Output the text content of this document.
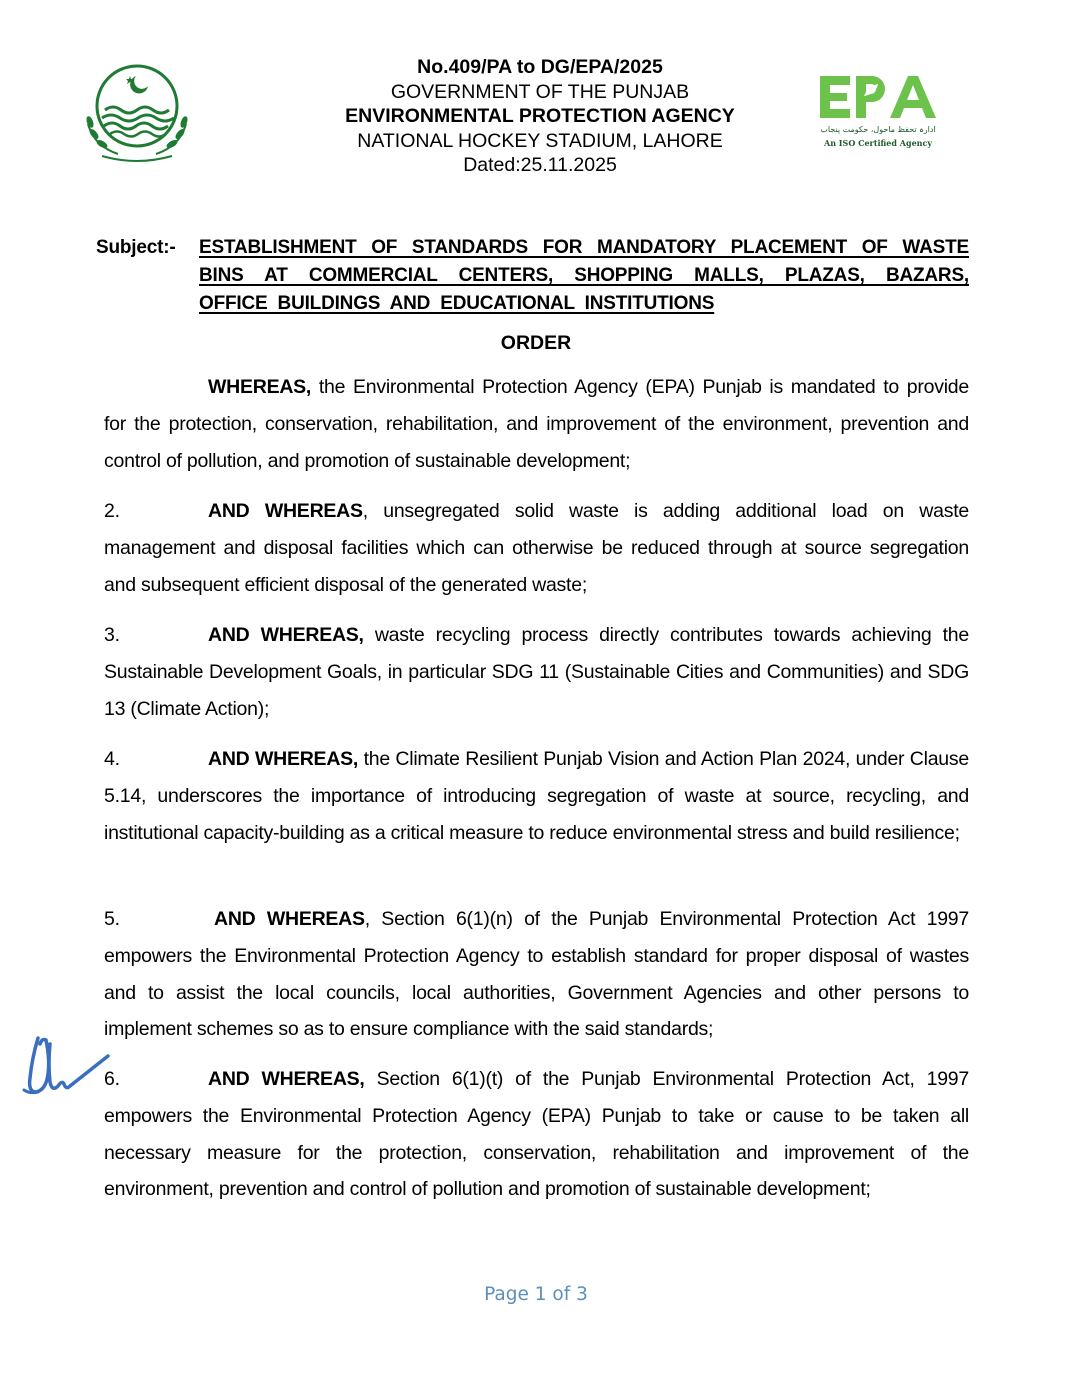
No.409/PA to DG/EPA/2025
GOVERNMENT OF THE PUNJAB
ENVIRONMENTAL PROTECTION AGENCY
NATIONAL HOCKEY STADIUM, LAHORE
Dated:25.11.2025
ادارہ تحفظ ماحول، حکومت پنجاب
An ISO Certified Agency
Subject:- ESTABLISHMENT OF STANDARDS FOR MANDATORY PLACEMENT OF WASTE BINS AT COMMERCIAL CENTERS, SHOPPING MALLS, PLAZAS, BAZARS, OFFICE BUILDINGS AND EDUCATIONAL INSTITUTIONS
ORDER
WHEREAS, the Environmental Protection Agency (EPA) Punjab is mandated to provide for the protection, conservation, rehabilitation, and improvement of the environment, prevention and control of pollution, and promotion of sustainable development;
2.	AND WHEREAS, unsegregated solid waste is adding additional load on waste management and disposal facilities which can otherwise be reduced through at source segregation and subsequent efficient disposal of the generated waste;
3.	AND WHEREAS, waste recycling process directly contributes towards achieving the Sustainable Development Goals, in particular SDG 11 (Sustainable Cities and Communities) and SDG 13 (Climate Action);
4.	AND WHEREAS, the Climate Resilient Punjab Vision and Action Plan 2024, under Clause 5.14, underscores the importance of introducing segregation of waste at source, recycling, and institutional capacity-building as a critical measure to reduce environmental stress and build resilience;
5.	AND WHEREAS, Section 6(1)(n) of the Punjab Environmental Protection Act 1997 empowers the Environmental Protection Agency to establish standard for proper disposal of wastes and to assist the local councils, local authorities, Government Agencies and other persons to implement schemes so as to ensure compliance with the said standards;
6.	AND WHEREAS, Section 6(1)(t) of the Punjab Environmental Protection Act, 1997 empowers the Environmental Protection Agency (EPA) Punjab to take or cause to be taken all necessary measure for the protection, conservation, rehabilitation and improvement of the environment, prevention and control of pollution and promotion of sustainable development;
Page 1 of 3
